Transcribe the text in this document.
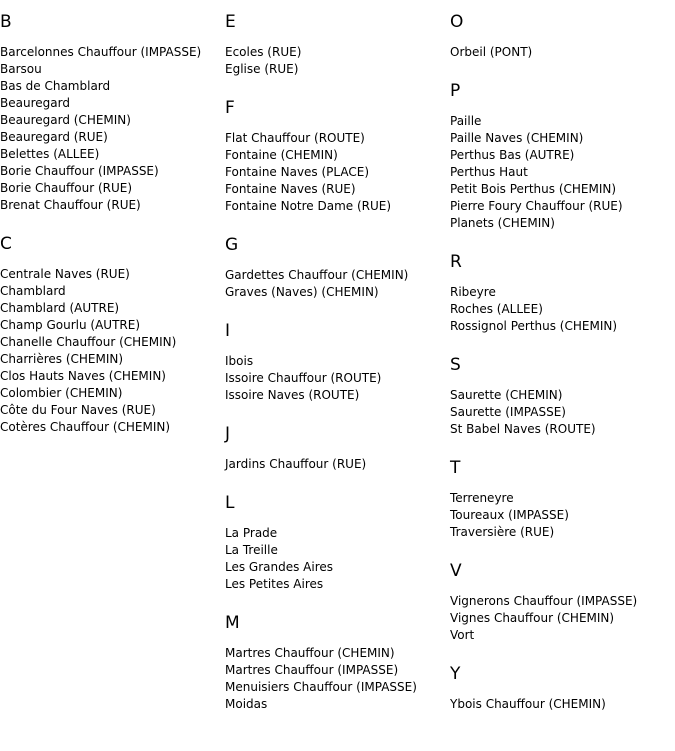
B
Barcelonnes Chauffour (IMPASSE)
Barsou
Bas de Chamblard
Beauregard
Beauregard (CHEMIN)
Beauregard (RUE)
Belettes (ALLEE)
Borie Chauffour (IMPASSE)
Borie Chauffour (RUE)
Brenat Chauffour (RUE)
C
Centrale Naves (RUE)
Chamblard
Chamblard (AUTRE)
Champ Gourlu (AUTRE)
Chanelle Chauffour (CHEMIN)
Charrières (CHEMIN)
Clos Hauts Naves (CHEMIN)
Colombier (CHEMIN)
Côte du Four Naves (RUE)
Cotères Chauffour (CHEMIN)
E
Ecoles (RUE)
Eglise (RUE)
F
Flat Chauffour (ROUTE)
Fontaine (CHEMIN)
Fontaine Naves (PLACE)
Fontaine Naves (RUE)
Fontaine Notre Dame (RUE)
G
Gardettes Chauffour (CHEMIN)
Graves (Naves) (CHEMIN)
I
Ibois
Issoire Chauffour (ROUTE)
Issoire Naves (ROUTE)
J
Jardins Chauffour (RUE)
L
La Prade
La Treille
Les Grandes Aires
Les Petites Aires
M
Martres Chauffour (CHEMIN)
Martres Chauffour (IMPASSE)
Menuisiers Chauffour (IMPASSE)
Moidas
O
Orbeil (PONT)
P
Paille
Paille Naves (CHEMIN)
Perthus Bas (AUTRE)
Perthus Haut
Petit Bois Perthus (CHEMIN)
Pierre Foury Chauffour (RUE)
Planets (CHEMIN)
R
Ribeyre
Roches (ALLEE)
Rossignol Perthus (CHEMIN)
S
Saurette (CHEMIN)
Saurette (IMPASSE)
St Babel Naves (ROUTE)
T
Terreneyre
Toureaux (IMPASSE)
Traversière (RUE)
V
Vignerons Chauffour (IMPASSE)
Vignes Chauffour (CHEMIN)
Vort
Y
Ybois Chauffour (CHEMIN)
